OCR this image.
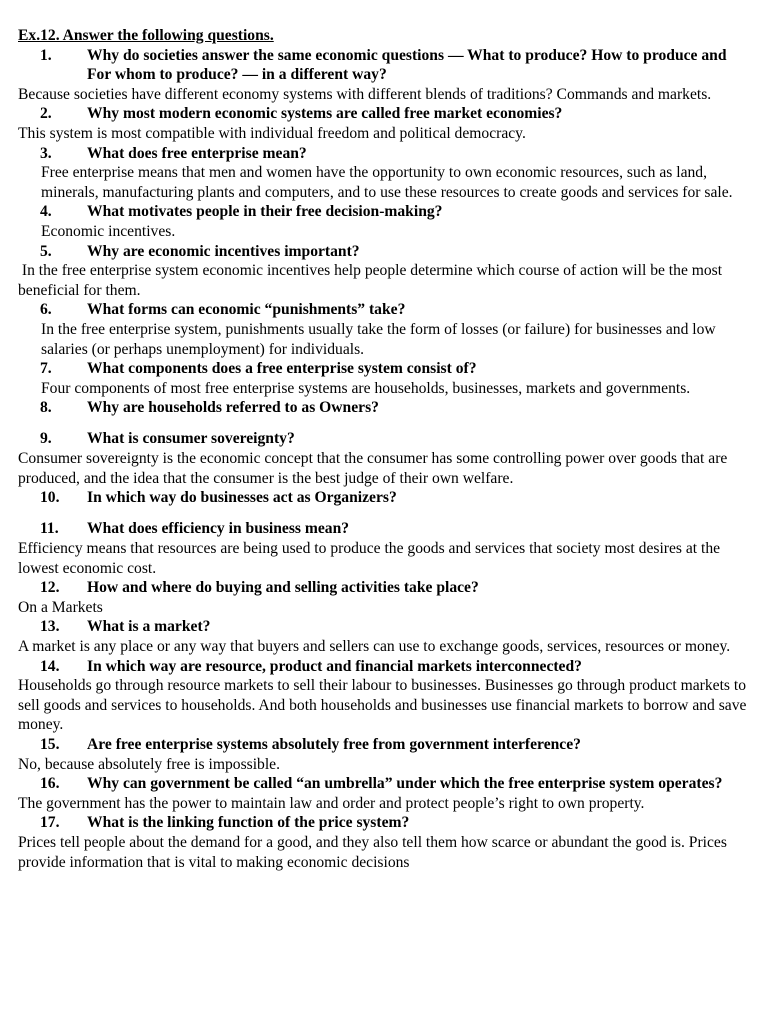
Ex.12. Answer the following questions.
1.	Why do societies answer the same economic questions — What to produce? How to produce and For whom to produce? — in a different way?
Because societies have different economy systems with different blends of traditions? Commands and markets.
2.	Why most modern economic systems are called free market economies?
This system is most compatible with individual freedom and political democracy.
3.	What does free enterprise mean?
Free enterprise means that men and women have the opportunity to own economic resources, such as land, minerals, manufacturing plants and computers, and to use these resources to create goods and services for sale.
4.	What motivates people in their free decision-making?
Economic incentives.
5.	Why are economic incentives important?
In the free enterprise system economic incentives help people determine which course of action will be the most beneficial for them.
6.	What forms can economic “punishments” take?
In the free enterprise system, punishments usually take the form of losses (or failure) for businesses and low salaries (or perhaps unemployment) for individuals.
7.	What components does a free enterprise system consist of?
Four components of most free enterprise systems are households, businesses, markets and governments.
8.	Why are households referred to as Owners?
9.	What is consumer sovereignty?
Consumer sovereignty is the economic concept that the consumer has some controlling power over goods that are produced, and the idea that the consumer is the best judge of their own welfare.
10.	In which way do businesses act as Organizers?
11.	What does efficiency in business mean?
Efficiency means that resources are being used to produce the goods and services that society most desires at the lowest economic cost.
12.	How and where do buying and selling activities take place?
On a Markets
13.	What is a market?
A market is any place or any way that buyers and sellers can use to exchange goods, services, resources or money.
14.	In which way are resource, product and financial markets interconnected?
Households go through resource markets to sell their labour to businesses. Businesses go through product markets to sell goods and services to households. And both households and businesses use financial markets to borrow and save money.
15.	Are free enterprise systems absolutely free from government interference?
No, because absolutely free is impossible.
16.	Why can government be called “an umbrella” under which the free enterprise system operates?
The government has the power to maintain law and order and protect people’s right to own property.
17.	What is the linking function of the price system?
Prices tell people about the demand for a good, and they also tell them how scarce or abundant the good is. Prices provide information that is vital to making economic decisions
